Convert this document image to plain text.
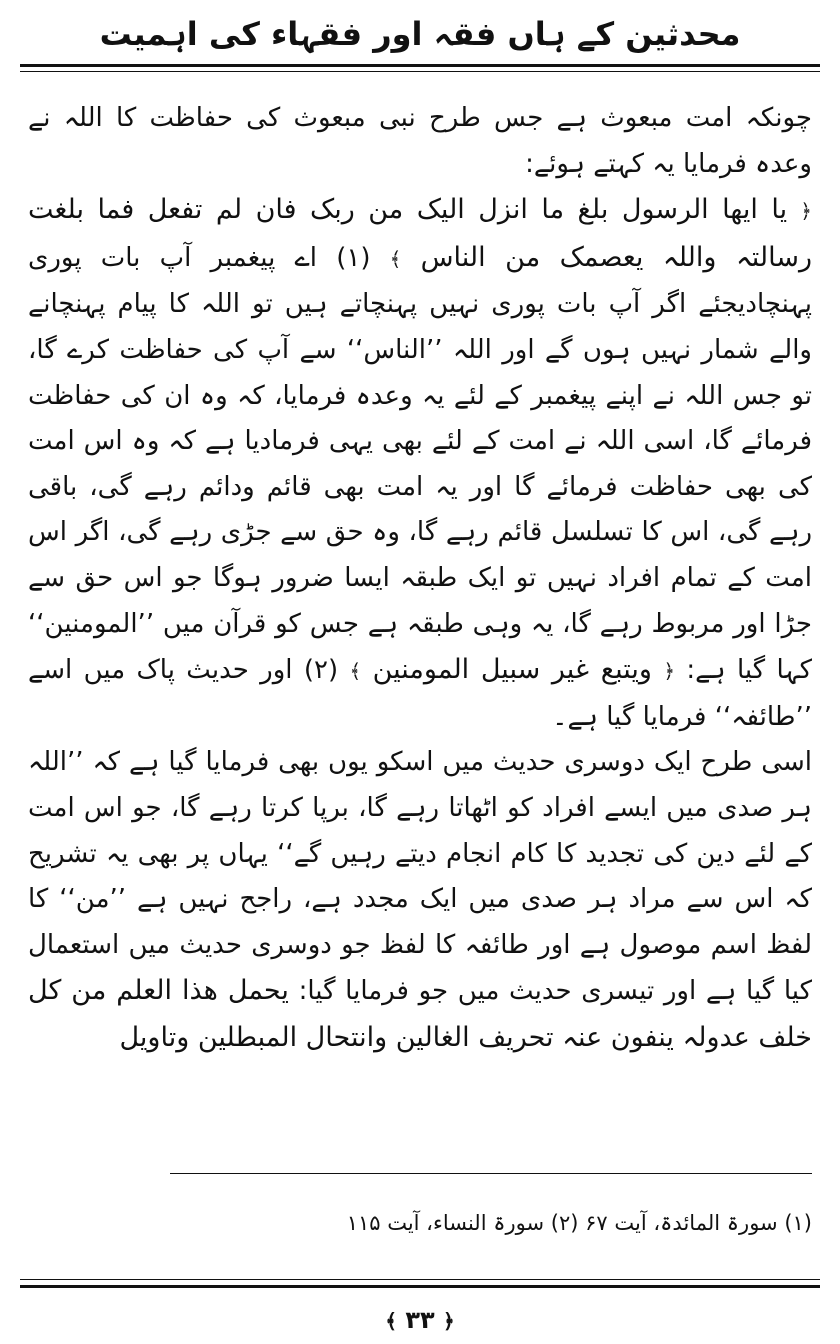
محدثین کے ہاں فقہ اور فقہاء کی اہمیت

چونکہ امت مبعوث ہے جس طرح نبی مبعوث کی حفاظت کا اللہ نے وعدہ فرمایا یہ کہتے ہوئے:

﴿ یا ایھا الرسول بلغ ما انزل الیک من ربک فان لم تفعل فما بلغت رسالتہ واللہ یعصمک من الناس ﴾ (۱) اے پیغمبر آپ بات پوری پہنچادیجئے اگر آپ بات پوری نہیں پہنچاتے ہیں تو اللہ کا پیام پہنچانے والے شمار نہیں ہوں گے اور اللہ ’’الناس‘‘ سے آپ کی حفاظت کرے گا، تو جس اللہ نے اپنے پیغمبر کے لئے یہ وعدہ فرمایا، کہ وہ ان کی حفاظت فرمائے گا، اسی اللہ نے امت کے لئے بھی یہی فرمادیا ہے کہ وہ اس امت کی بھی حفاظت فرمائے گا اور یہ امت بھی قائم ودائم رہے گی، باقی رہے گی، اس کا تسلسل قائم رہے گا، وہ حق سے جڑی رہے گی، اگر اس امت کے تمام افراد نہیں تو ایک طبقہ ایسا ضرور ہوگا جو اس حق سے جڑا اور مربوط رہے گا، یہ وہی طبقہ ہے جس کو قرآن میں ’’المومنین‘‘ کہا گیا ہے: ﴿ ویتبع غیر سبیل المومنین ﴾ (۲) اور حدیث پاک میں اسے ’’طائفہ‘‘ فرمایا گیا ہے۔

اسی طرح ایک دوسری حدیث میں اسکو یوں بھی فرمایا گیا ہے کہ ’’اللہ ہر صدی میں ایسے افراد کو اٹھاتا رہے گا، برپا کرتا رہے گا، جو اس امت کے لئے دین کی تجدید کا کام انجام دیتے رہیں گے‘‘ یہاں پر بھی یہ تشریح کہ اس سے مراد ہر صدی میں ایک مجدد ہے، راجح نہیں ہے ’’من‘‘ کا لفظ اسم موصول ہے اور طائفہ کا لفظ جو دوسری حدیث میں استعمال کیا گیا ہے اور تیسری حدیث میں جو فرمایا گیا: یحمل ھذا العلم من کل خلف عدولہ ینفون عنہ تحریف الغالین وانتحال المبطلین وتاویل

(۱) سورۃ المائدۃ، آیت ۶۷ (۲) سورۃ النساء، آیت ۱۱۵
﴿ ۳۳ ﴾
